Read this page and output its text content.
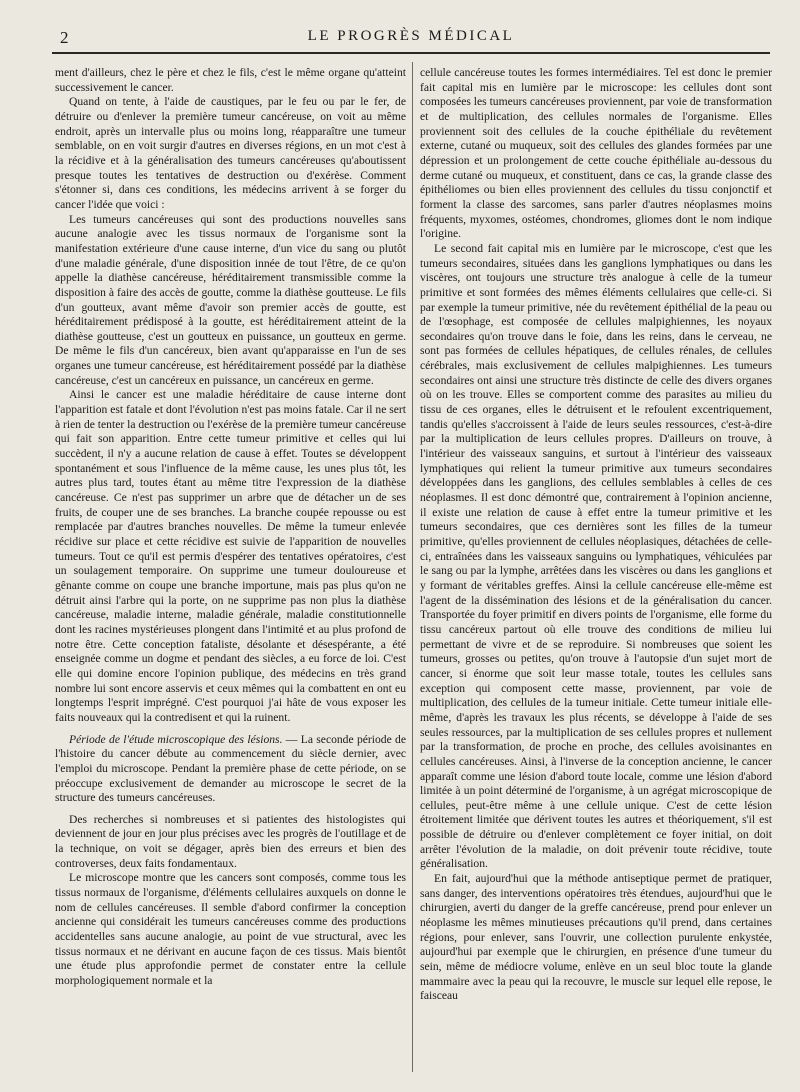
2	LE PROGRÈS MÉDICAL

ment d'ailleurs, chez le père et chez le fils, c'est le même organe qu'atteint successivement le cancer.

Quand on tente, à l'aide de caustiques, par le feu ou par le fer, de détruire ou d'enlever la première tumeur cancéreuse, on voit au même endroit, après un intervalle plus ou moins long, réapparaître une tumeur semblable, on en voit surgir d'autres en diverses régions, en un mot c'est à la récidive et à la généralisation des tumeurs cancéreuses qu'aboutissent presque toutes les tentatives de destruction ou d'exérèse. Comment s'étonner si, dans ces conditions, les médecins arrivent à se forger du cancer l'idée que voici :

Les tumeurs cancéreuses qui sont des productions nouvelles sans aucune analogie avec les tissus normaux de l'organisme sont la manifestation extérieure d'une cause interne, d'un vice du sang ou plutôt d'une maladie générale, d'une disposition innée de tout l'être, de ce qu'on appelle la diathèse cancéreuse, héréditairement transmissible comme la disposition à faire des accès de goutte, comme la diathèse goutteuse. Le fils d'un goutteux, avant même d'avoir son premier accès de goutte, est héréditairement prédisposé à la goutte, est héréditairement atteint de la diathèse goutteuse, c'est un goutteux en puissance, un goutteux en germe. De même le fils d'un cancéreux, bien avant qu'apparaisse en l'un de ses organes une tumeur cancéreuse, est héréditairement possédé par la diathèse cancéreuse, c'est un cancéreux en puissance, un cancéreux en germe.

Ainsi le cancer est une maladie héréditaire de cause interne dont l'apparition est fatale et dont l'évolution n'est pas moins fatale. Car il ne sert à rien de tenter la destruction ou l'exérèse de la première tumeur cancéreuse qui fait son apparition. Entre cette tumeur primitive et celles qui lui succèdent, il n'y a aucune relation de cause à effet. Toutes se développent spontanément et sous l'influence de la même cause, les unes plus tôt, les autres plus tard, toutes étant au même titre l'expression de la diathèse cancéreuse. Ce n'est pas supprimer un arbre que de détacher un de ses fruits, de couper une de ses branches. La branche coupée repousse ou est remplacée par d'autres branches nouvelles. De même la tumeur enlevée récidive sur place et cette récidive est suivie de l'apparition de nouvelles tumeurs. Tout ce qu'il est permis d'espérer des tentatives opératoires, c'est un soulagement temporaire. On supprime une tumeur douloureuse et gênante comme on coupe une branche importune, mais pas plus qu'on ne détruit ainsi l'arbre qui la porte, on ne supprime pas non plus la diathèse cancéreuse, maladie interne, maladie générale, maladie constitutionnelle dont les racines mystérieuses plongent dans l'intimité et au plus profond de notre être. Cette conception fataliste, désolante et désespérante, a été enseignée comme un dogme et pendant des siècles, a eu force de loi. C'est elle qui domine encore l'opinion publique, des médecins en très grand nombre lui sont encore asservis et ceux mêmes qui la combattent en ont eu longtemps l'esprit imprégné. C'est pourquoi j'ai hâte de vous exposer les faits nouveaux qui la contredisent et qui la ruinent.

Période de l'étude microscopique des lésions. — La seconde période de l'histoire du cancer débute au commencement du siècle dernier, avec l'emploi du microscope. Pendant la première phase de cette période, on se préoccupe exclusivement de demander au microscope le secret de la structure des tumeurs cancéreuses.

Des recherches si nombreuses et si patientes des histologistes qui deviennent de jour en jour plus précises avec les progrès de l'outillage et de la technique, on voit se dégager, après bien des erreurs et bien des controverses, deux faits fondamentaux.

Le microscope montre que les cancers sont composés, comme tous les tissus normaux de l'organisme, d'éléments cellulaires auxquels on donne le nom de cellules cancéreuses. Il semble d'abord confirmer la conception ancienne qui considérait les tumeurs cancéreuses comme des productions accidentelles sans aucune analogie, au point de vue structural, avec les tissus normaux et ne dérivant en aucune façon de ces tissus. Mais bientôt une étude plus approfondie permet de constater entre la cellule morphologiquement normale et la

cellule cancéreuse toutes les formes intermédiaires. Tel est donc le premier fait capital mis en lumière par le microscope: les cellules dont sont composées les tumeurs cancéreuses proviennent, par voie de transformation et de multiplication, des cellules normales de l'organisme. Elles proviennent soit des cellules de la couche épithéliale du revêtement externe, cutané ou muqueux, soit des cellules des glandes formées par une dépression et un prolongement de cette couche épithéliale au-dessous du derme cutané ou muqueux, et constituent, dans ce cas, la grande classe des épithéliomes ou bien elles proviennent des cellules du tissu conjonctif et forment la classe des sarcomes, sans parler d'autres néoplasmes moins fréquents, myxomes, ostéomes, chondromes, gliomes dont le nom indique l'origine.

Le second fait capital mis en lumière par le microscope, c'est que les tumeurs secondaires, situées dans les ganglions lymphatiques ou dans les viscères, ont toujours une structure très analogue à celle de la tumeur primitive et sont formées des mêmes éléments cellulaires que celle-ci. Si par exemple la tumeur primitive, née du revêtement épithélial de la peau ou de l'œsophage, est composée de cellules malpighiennes, les noyaux secondaires qu'on trouve dans le foie, dans les reins, dans le cerveau, ne sont pas formées de cellules hépatiques, de cellules rénales, de cellules cérébrales, mais exclusivement de cellules malpighiennes. Les tumeurs secondaires ont ainsi une structure très distincte de celle des divers organes où on les trouve. Elles se comportent comme des parasites au milieu du tissu de ces organes, elles le détruisent et le refoulent excentriquement, tandis qu'elles s'accroissent à l'aide de leurs seules ressources, c'est-à-dire par la multiplication de leurs cellules propres. D'ailleurs on trouve, à l'intérieur des vaisseaux sanguins, et surtout à l'intérieur des vaisseaux lymphatiques qui relient la tumeur primitive aux tumeurs secondaires développées dans les ganglions, des cellules semblables à celles de ces néoplasmes. Il est donc démontré que, contrairement à l'opinion ancienne, il existe une relation de cause à effet entre la tumeur primitive et les tumeurs secondaires, que ces dernières sont les filles de la tumeur primitive, qu'elles proviennent de cellules néoplasiques, détachées de celle-ci, entraînées dans les vaisseaux sanguins ou lymphatiques, véhiculées par le sang ou par la lymphe, arrêtées dans les viscères ou dans les ganglions et y formant de véritables greffes. Ainsi la cellule cancéreuse elle-même est l'agent de la dissémination des lésions et de la généralisation du cancer. Transportée du foyer primitif en divers points de l'organisme, elle forme du tissu cancéreux partout où elle trouve des conditions de milieu lui permettant de vivre et de se reproduire. Si nombreuses que soient les tumeurs, grosses ou petites, qu'on trouve à l'autopsie d'un sujet mort de cancer, si énorme que soit leur masse totale, toutes les cellules sans exception qui composent cette masse, proviennent, par voie de multiplication, des cellules de la tumeur initiale. Cette tumeur initiale elle-même, d'après les travaux les plus récents, se développe à l'aide de ses seules ressources, par la multiplication de ses cellules propres et nullement par la transformation, de proche en proche, des cellules avoisinantes en cellules cancéreuses. Ainsi, à l'inverse de la conception ancienne, le cancer apparaît comme une lésion d'abord toute locale, comme une lésion d'abord limitée à un point déterminé de l'organisme, à un agrégat microscopique de cellules, peut-être même à une cellule unique. C'est de cette lésion étroitement limitée que dérivent toutes les autres et théoriquement, s'il est possible de détruire ou d'enlever complètement ce foyer initial, on doit arrêter l'évolution de la maladie, on doit prévenir toute récidive, toute généralisation.

En fait, aujourd'hui que la méthode antiseptique permet de pratiquer, sans danger, des interventions opératoires très étendues, aujourd'hui que le chirurgien, averti du danger de la greffe cancéreuse, prend pour enlever un néoplasme les mêmes minutieuses précautions qu'il prend, dans certaines régions, pour enlever, sans l'ouvrir, une collection purulente enkystée, aujourd'hui par exemple que le chirurgien, en présence d'une tumeur du sein, même de médiocre volume, enlève en un seul bloc toute la glande mammaire avec la peau qui la recouvre, le muscle sur lequel elle repose, le faisceau
